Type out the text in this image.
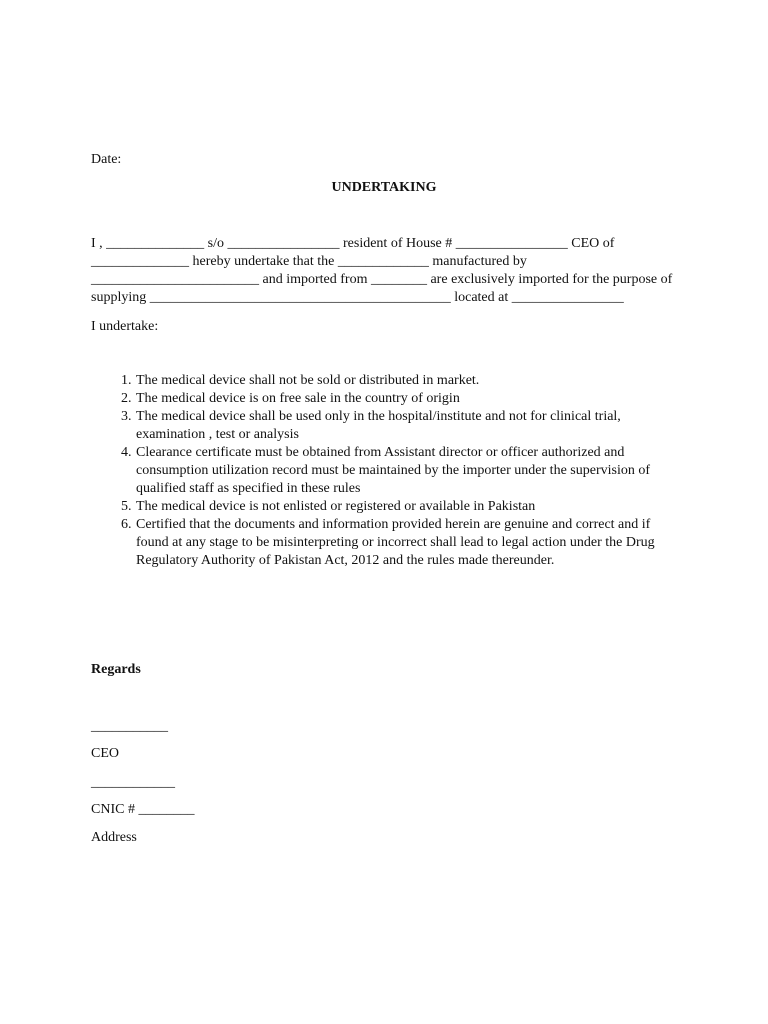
Date:
UNDERTAKING
I , ______________ s/o ________________ resident of House # ________________ CEO of
______________ hereby undertake that the _____________ manufactured by
________________________ and imported from ________ are exclusively imported for the purpose of
supplying ___________________________________________ located at ________________
I undertake:
1. The medical device shall not be sold or distributed in market.
2. The medical device is on free sale in the country of origin
3. The medical device shall be used only in the hospital/institute and not for clinical trial,
examination , test or analysis
4. Clearance certificate must be obtained from Assistant director or officer authorized and
consumption utilization record must be maintained by the importer under the supervision of
qualified staff as specified in these rules
5. The medical device is not enlisted or registered or available in Pakistan
6. Certified that the documents and information provided herein are genuine and correct and if
found at any stage to be misinterpreting or incorrect shall lead to legal action under the Drug
Regulatory Authority of Pakistan Act, 2012 and the rules made thereunder.
Regards
___________
CEO
____________
CNIC # ________
Address
